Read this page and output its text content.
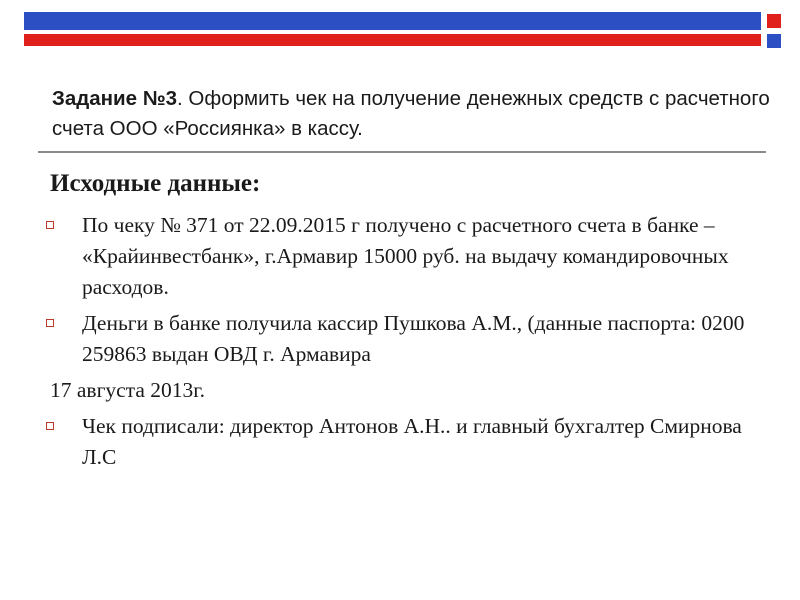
Задание №3. Оформить чек на получение денежных средств с расчетного счета ООО «Россиянка» в кассу.
Исходные данные:
По чеку № 371 от 22.09.2015 г получено с расчетного счета в банке – «Крайинвестбанк», г.Армавир 15000 руб. на выдачу командировочных расходов.
Деньги в банке получила кассир Пушкова А.М., (данные паспорта: 0200 259863 выдан ОВД г. Армавира
17 августа 2013г.
Чек подписали: директор Антонов А.Н.. и главный бухгалтер Смирнова Л.С
